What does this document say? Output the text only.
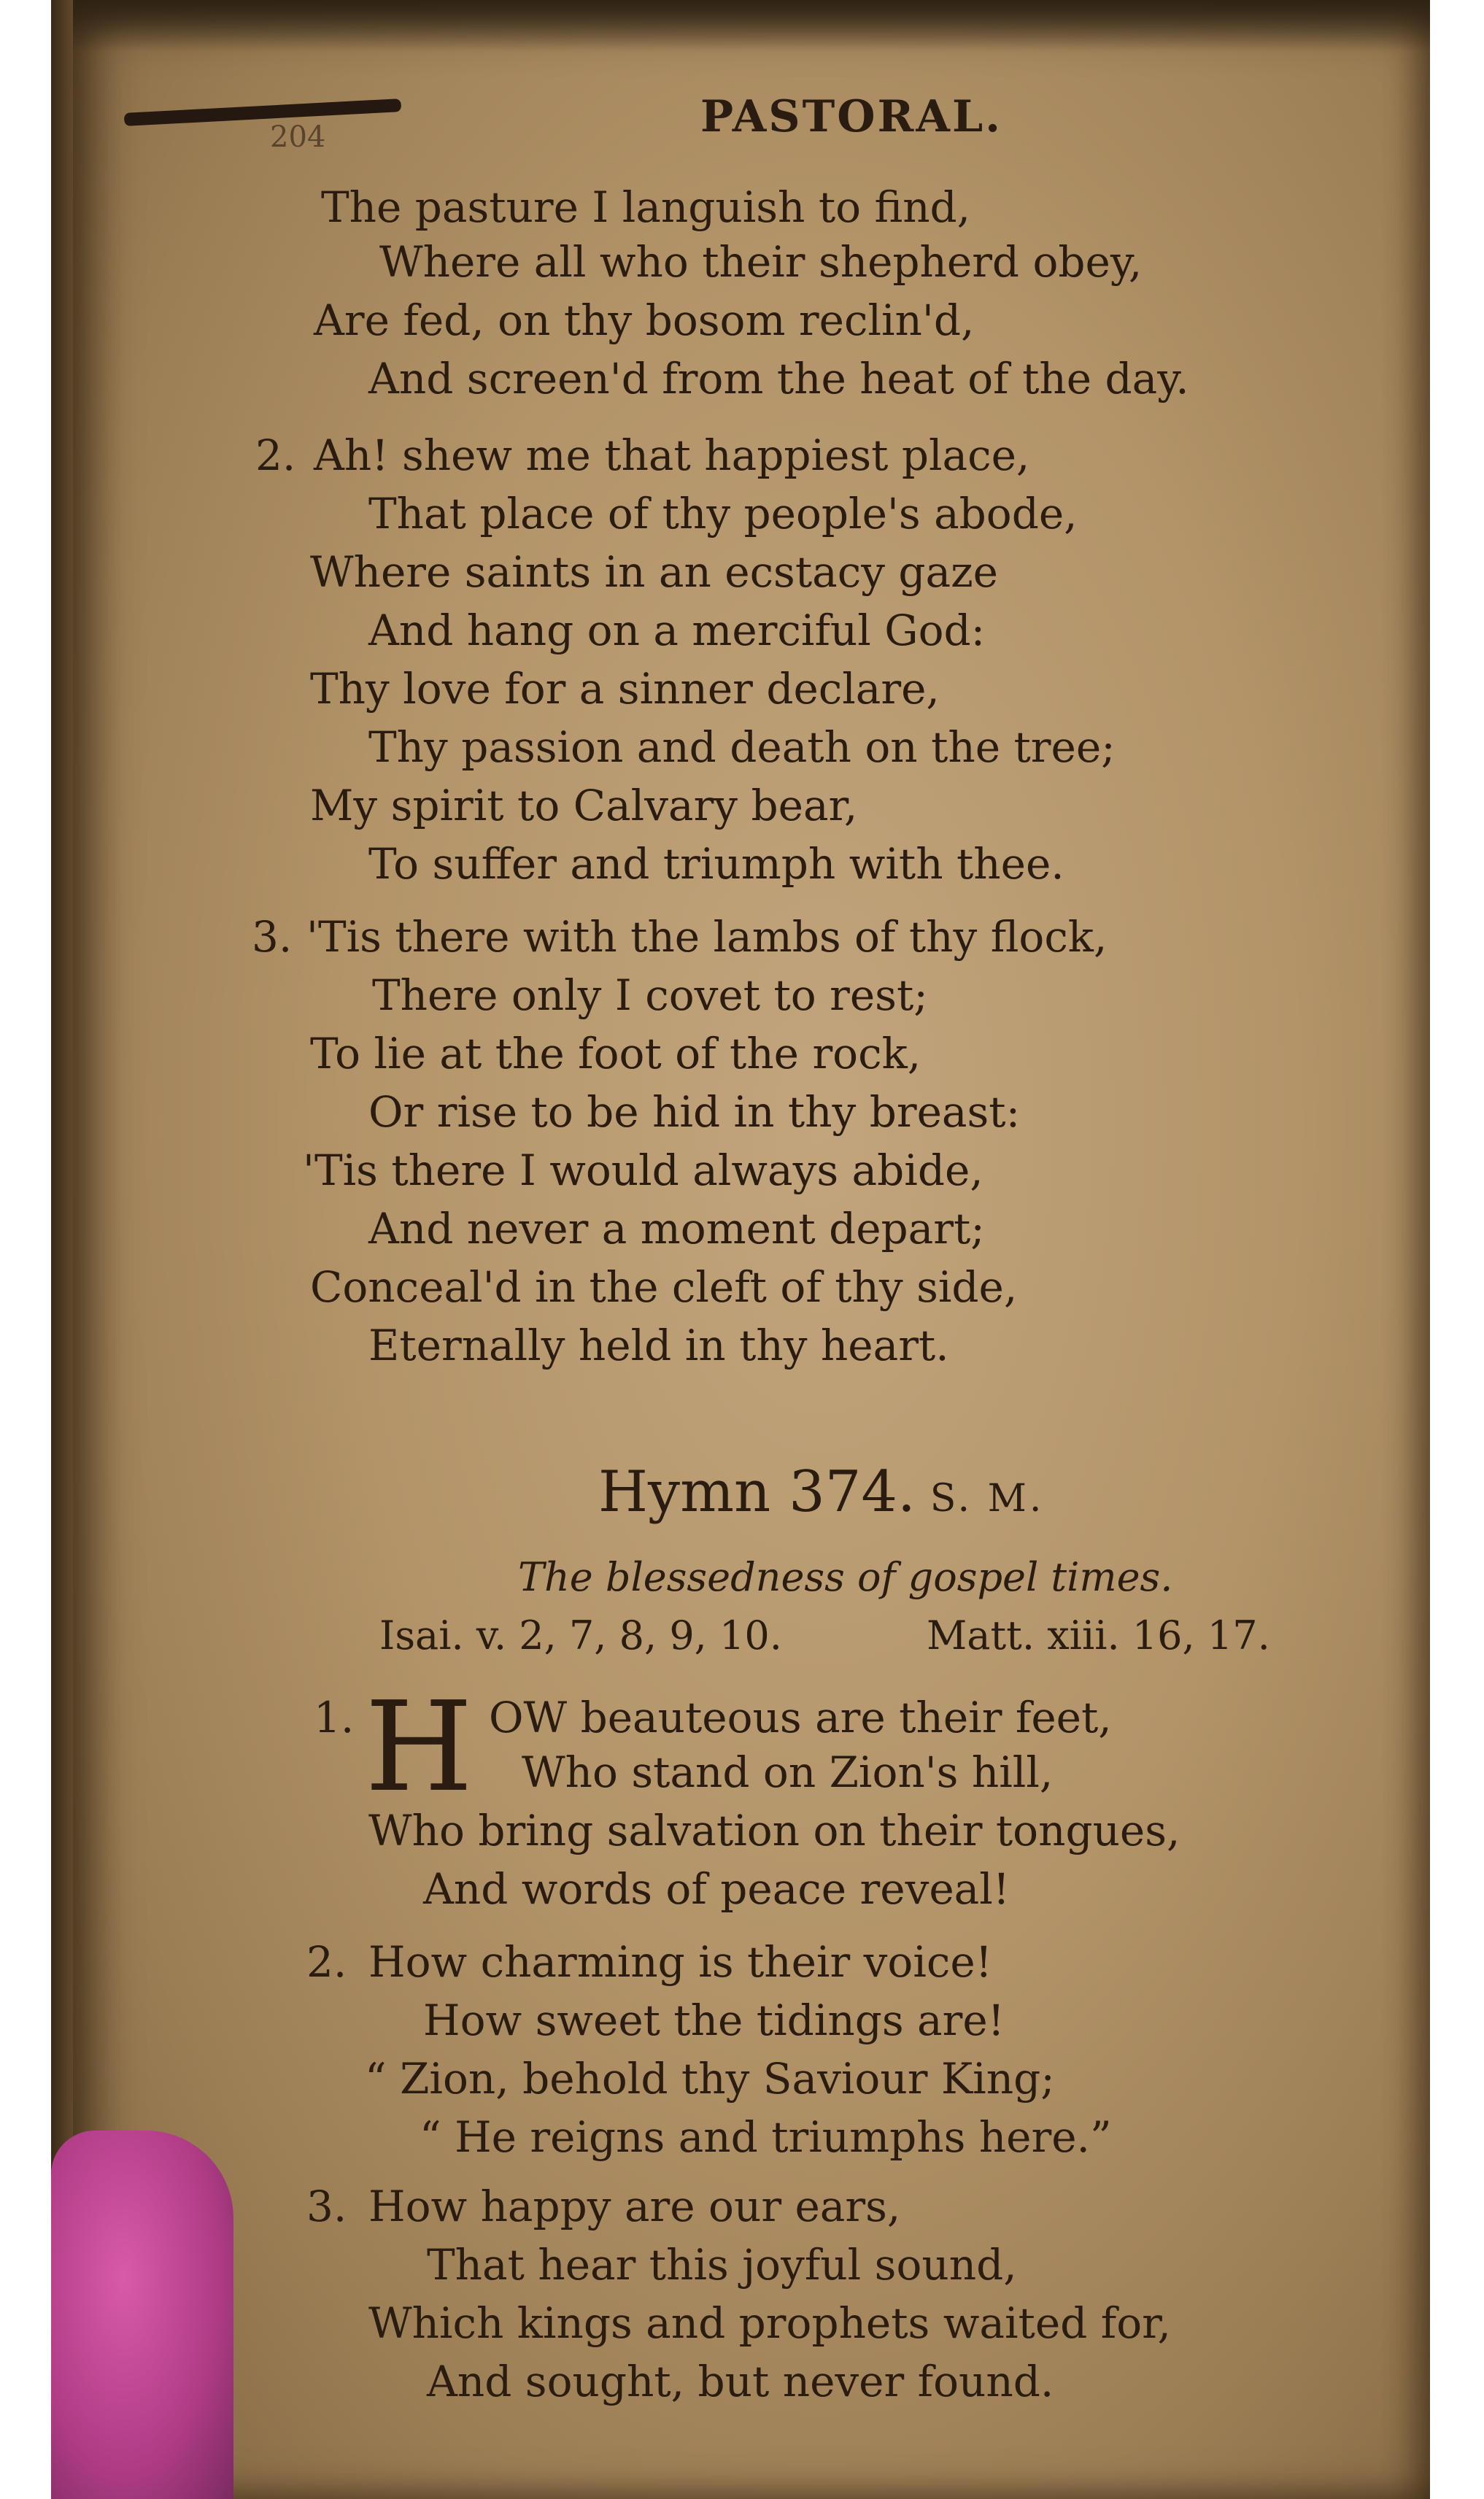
204	PASTORAL.
The pasture I languish to find,
Where all who their shepherd obey,
Are fed, on thy bosom reclin'd,
And screen'd from the heat of the day.
2. Ah! shew me that happiest place,
That place of thy people's abode,
Where saints in an ecstacy gaze
And hang on a merciful God:
Thy love for a sinner declare,
Thy passion and death on the tree;
My spirit to Calvary bear,
To suffer and triumph with thee.
3. 'Tis there with the lambs of thy flock,
There only I covet to rest;
To lie at the foot of the rock,
Or rise to be hid in thy breast:
'Tis there I would always abide,
And never a moment depart;
Conceal'd in the cleft of thy side,
Eternally held in thy heart.
Hymn 374. S. M.
The blessedness of gospel times.
Isai. v. 2, 7, 8, 9, 10.	Matt. xiii. 16, 17.
1. H OW beauteous are their feet,
Who stand on Zion's hill,
Who bring salvation on their tongues,
And words of peace reveal!
2. How charming is their voice!
How sweet the tidings are!
“ Zion, behold thy Saviour King;
“ He reigns and triumphs here.”
3. How happy are our ears,
That hear this joyful sound,
Which kings and prophets waited for,
And sought, but never found.
